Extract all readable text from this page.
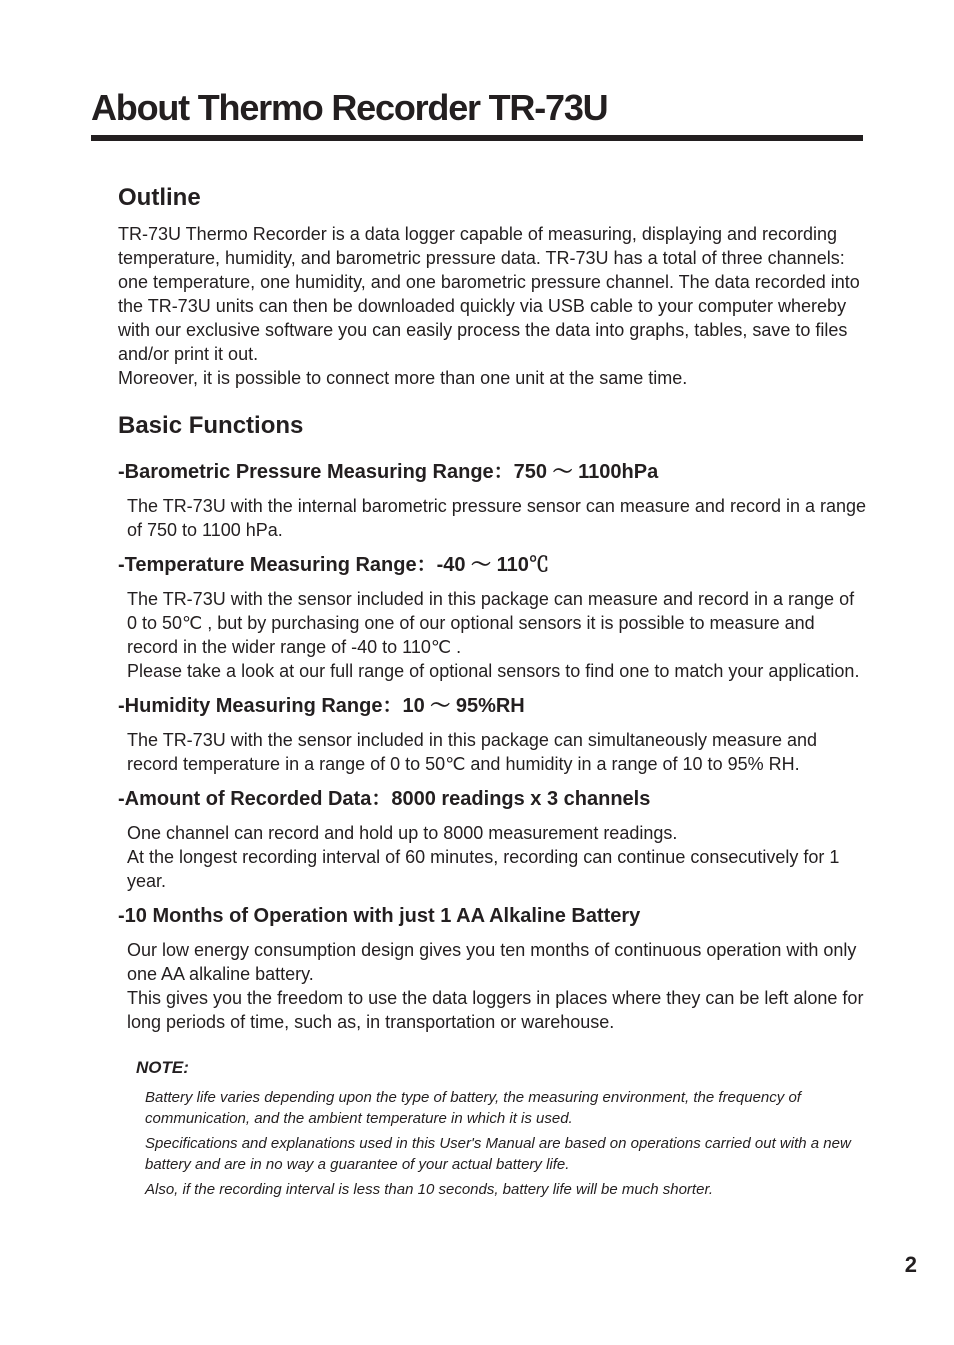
About Thermo Recorder TR-73U
Outline

TR-73U Thermo Recorder is a data logger capable of measuring, displaying and recording temperature, humidity, and barometric pressure data. TR-73U has a total of three channels: one temperature, one humidity, and one barometric pressure channel. The data recorded into the TR-73U units can then be downloaded quickly via USB cable to your computer whereby with our exclusive software you can easily process the data into graphs, tables, save to files and/or print it out.

Moreover, it is possible to connect more than one unit at the same time.

Basic Functions
-Barometric Pressure Measuring Range：750 〜 1100hPa

The TR-73U with the internal barometric pressure sensor can measure and record in a range of 750 to 1100 hPa.

-Temperature Measuring Range：-40 〜 110℃

The TR-73U with the sensor included in this package can measure and record in a range of 0 to 50℃ , but by purchasing one of our optional sensors it is possible to measure and record in the wider range of -40 to 110℃ .

Please take a look at our full range of optional sensors to find one to match your application.

-Humidity Measuring Range：10 〜 95%RH

The TR-73U with the sensor included in this package can simultaneously measure and record temperature in a range of 0 to 50℃ and humidity in a range of 10 to 95% RH.

-Amount of Recorded Data：8000 readings x 3 channels

One channel can record and hold up to 8000 measurement readings.

At the longest recording interval of 60 minutes, recording can continue consecutively for 1 year.

-10 Months of Operation with just 1 AA Alkaline Battery

Our low energy consumption design gives you ten months of continuous operation with only one AA alkaline battery.

This gives you the freedom to use the data loggers in places where they can be left alone for long periods of time, such as, in transportation or warehouse.

NOTE:

Battery life varies depending upon the type of battery, the measuring environment, the frequency of communication, and the ambient temperature in which it is used.

Specifications and explanations used in this User's Manual are based on operations carried out with a new battery and are in no way a guarantee of your actual battery life.

Also, if the recording interval is less than 10 seconds, battery life will be much shorter.

2
